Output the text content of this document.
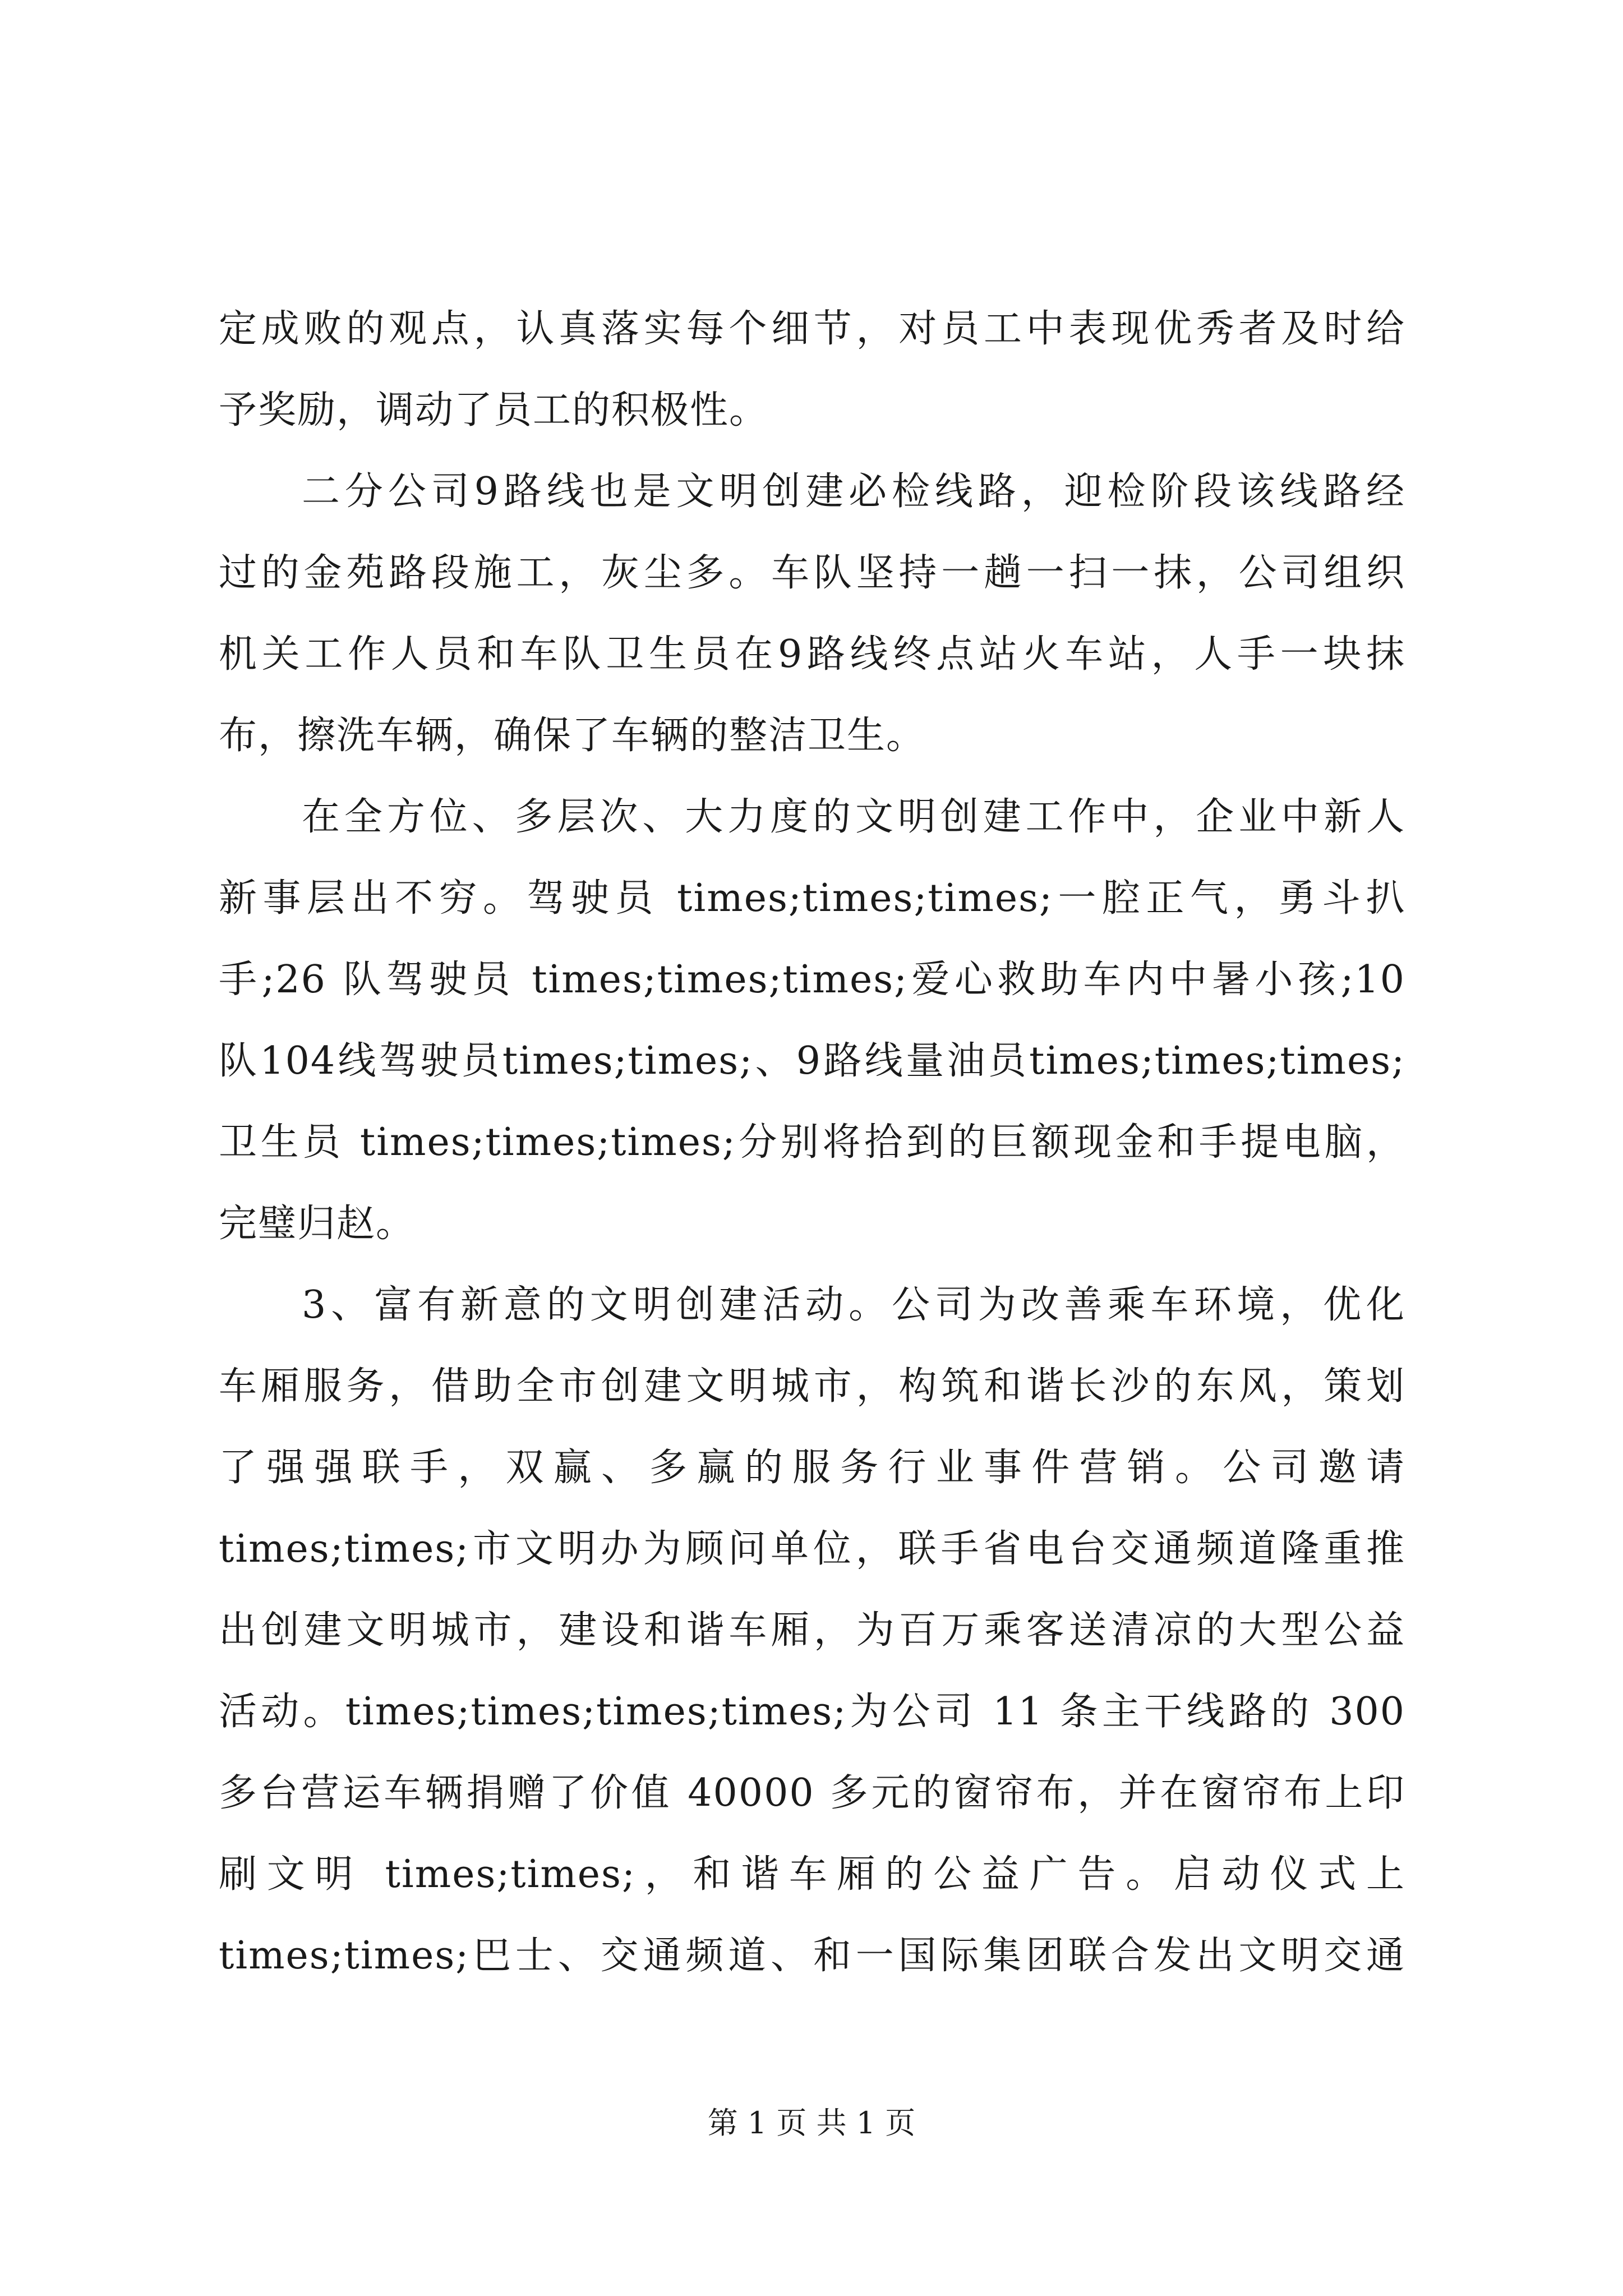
定成败的观点，认真落实每个细节，对员工中表现优秀者及时给
予奖励，调动了员工的积极性。
二分公司9路线也是文明创建必检线路，迎检阶段该线路经
过的金苑路段施工，灰尘多。车队坚持一趟一扫一抹，公司组织
机关工作人员和车队卫生员在9路线终点站火车站，人手一块抹
布，擦洗车辆，确保了车辆的整洁卫生。
在全方位、多层次、大力度的文明创建工作中，企业中新人
新事层出不穷。驾驶员 times;times;times;一腔正气，勇斗扒
手;26 队驾驶员 times;times;times;爱心救助车内中暑小孩;10
队104线驾驶员times;times;、9路线量油员times;times;times;
卫生员 times;times;times;分别将拾到的巨额现金和手提电脑，
完璧归赵。
3、富有新意的文明创建活动。公司为改善乘车环境，优化
车厢服务，借助全市创建文明城市，构筑和谐长沙的东风，策划
了强强联手，双赢、多赢的服务行业事件营销。公司邀请
times;times;市文明办为顾问单位，联手省电台交通频道隆重推
出创建文明城市，建设和谐车厢，为百万乘客送清凉的大型公益
活动。times;times;times;times;为公司 11 条主干线路的 300
多台营运车辆捐赠了价值 40000 多元的窗帘布，并在窗帘布上印
刷文明 times;times;，和谐车厢的公益广告。启动仪式上
times;times;巴士、交通频道、和一国际集团联合发出文明交通
第 1 页 共 1 页
